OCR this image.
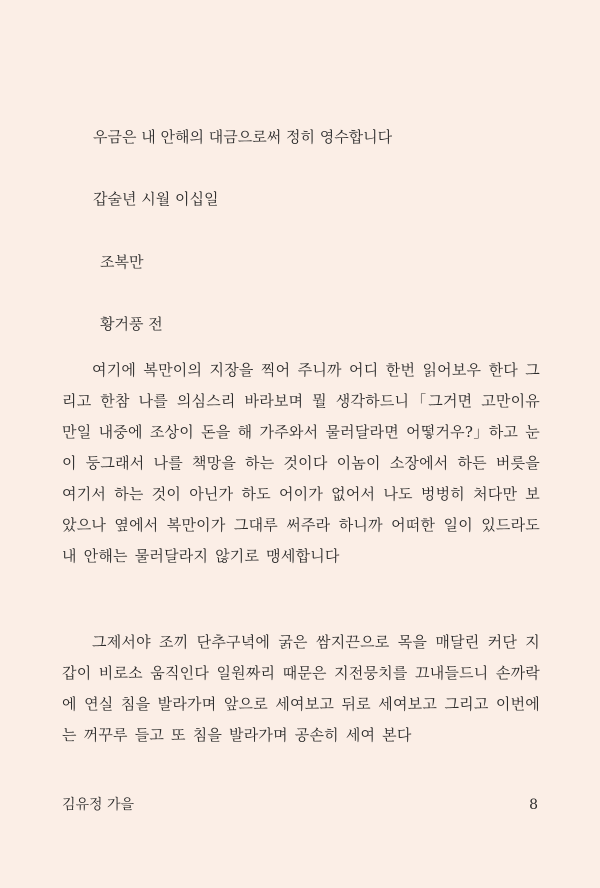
우금은 내 안해의 대금으로써 정히 영수합니다
갑술년 시월 이십일
조복만
황거풍 전

여기에 복만이의 지장을 찍어 주니까 어디 한번 읽어보우 한다 그리고 한참 나를 의심스리 바라보며 뭘 생각하드니「그거면 고만이유 만일 내중에 조상이 돈을 해 가주와서 물러달라면 어떻거우?」하고 눈이 둥그래서 나를 책망을 하는 것이다 이놈이 소장에서 하든 버릇을 여기서 하는 것이 아닌가 하도 어이가 없어서 나도 벙벙히 처다만 보았으나 옆에서 복만이가 그대루 써주라 하니까 어떠한 일이 있드라도 내 안해는 물러달라지 않기로 맹세합니다

그제서야 조끼 단추구녁에 굵은 쌈지끈으로 목을 매달린 커단 지갑이 비로소 움직인다 일원짜리 때문은 지전뭉치를 끄내들드니 손까락에 연실 침을 발라가며 앞으로 세여보고 뒤로 세여보고 그리고 이번에는 꺼꾸루 들고 또 침을 발라가며 공손히 세여 본다

김유정 가을	8
